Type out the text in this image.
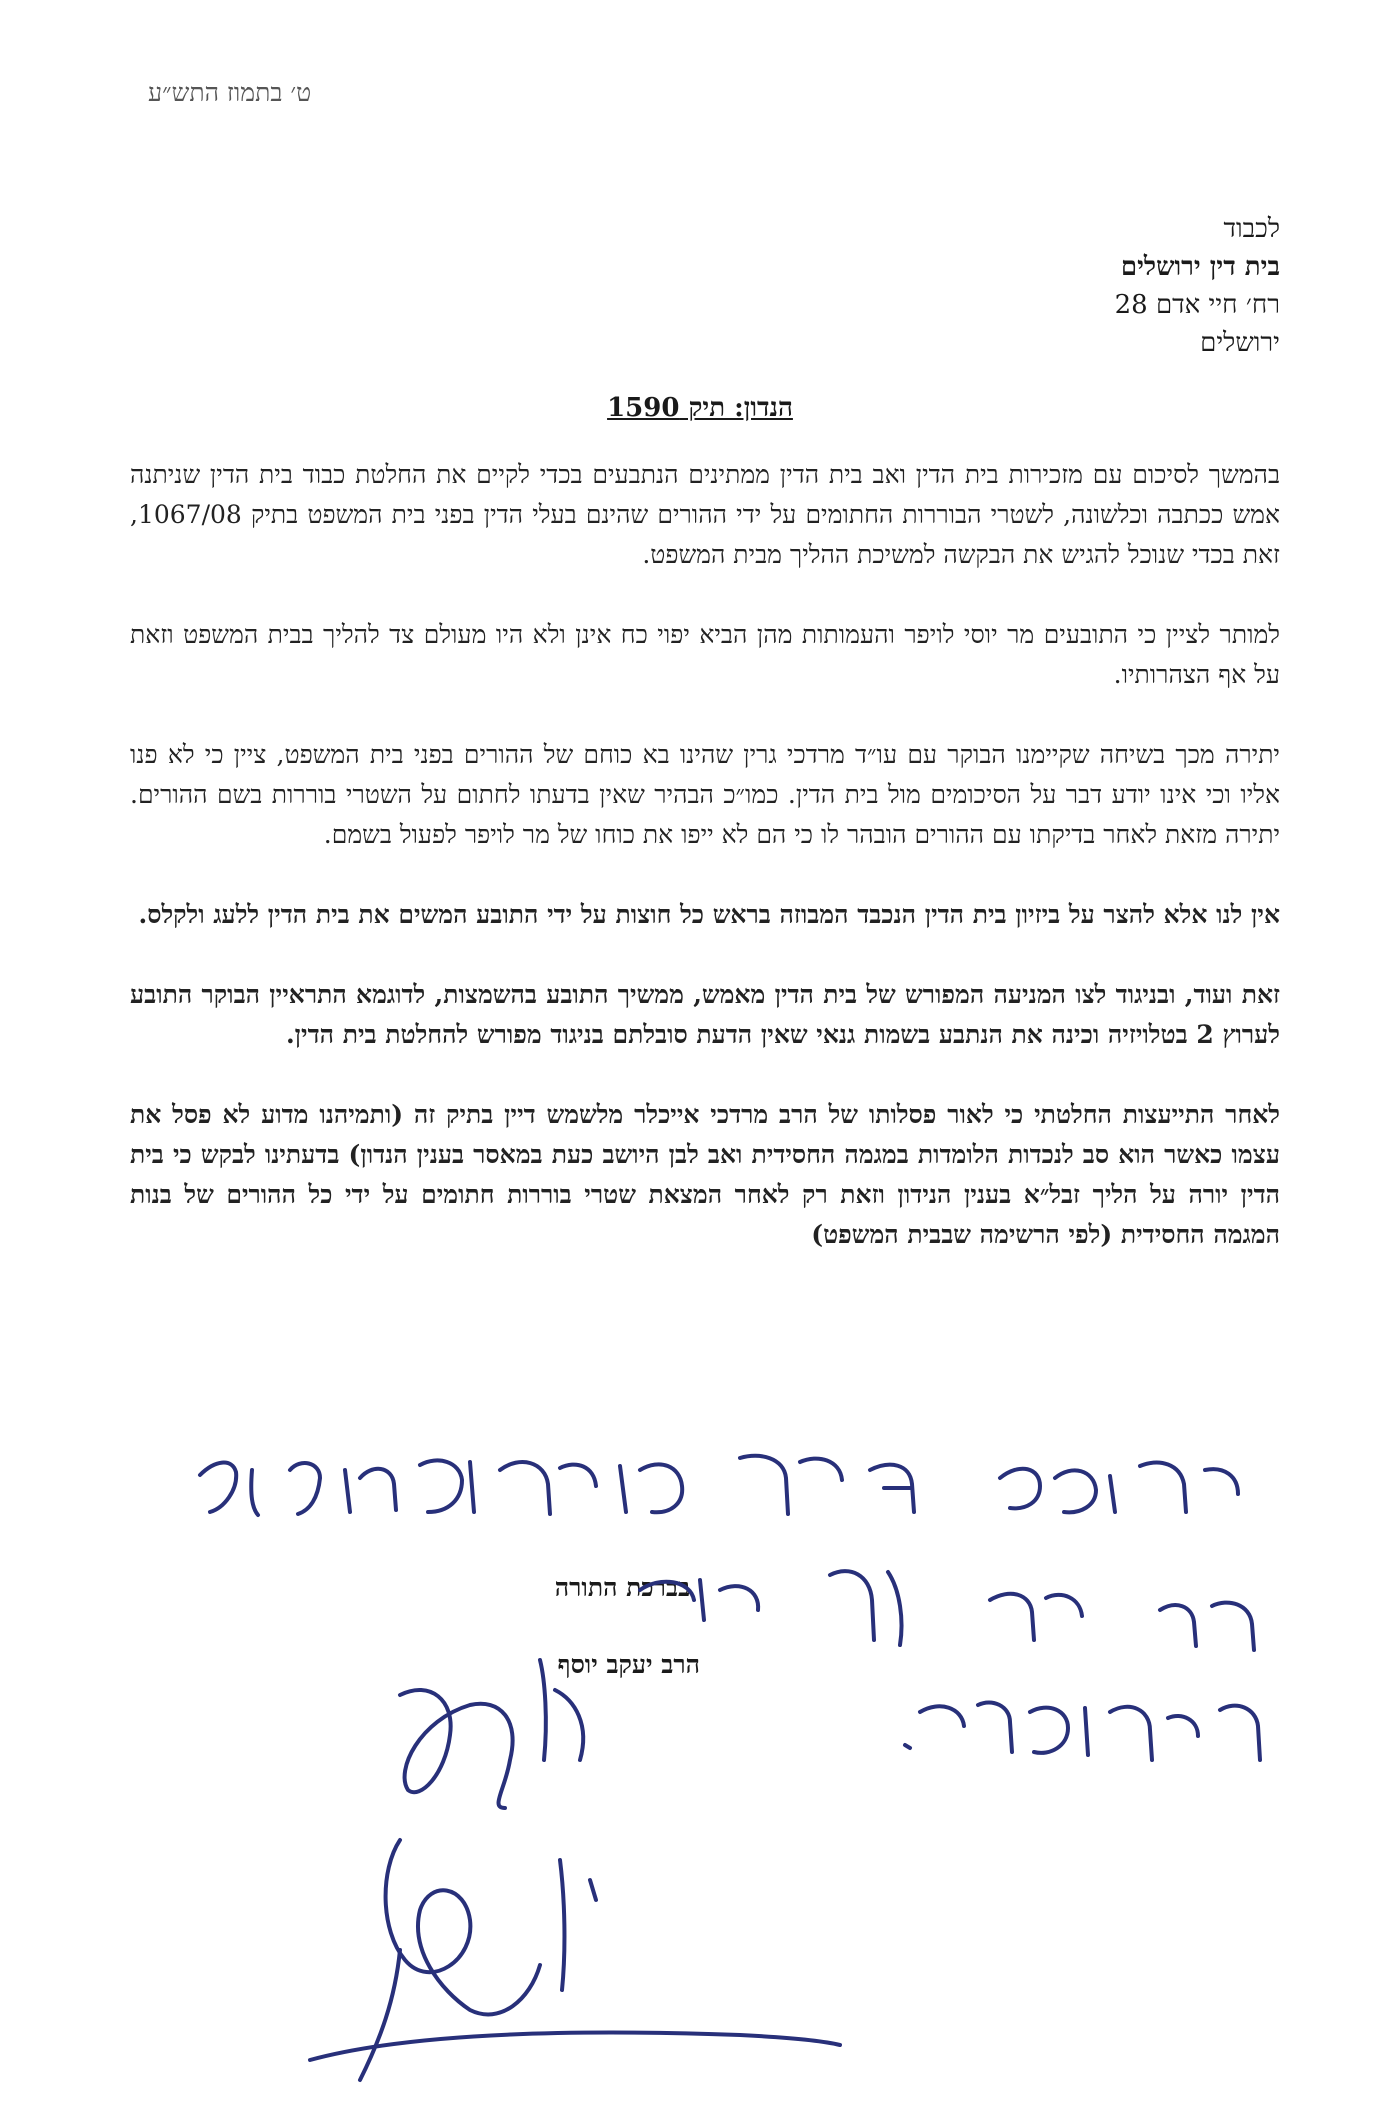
ט׳ בתמוז התש״ע
לכבוד
בית דין ירושלים
רח׳ חיי אדם 28
ירושלים
הנדון: תיק 1590

בהמשך לסיכום עם מזכירות בית הדין ואב בית הדין ממתינים הנתבעים בכדי לקיים את החלטת כבוד בית הדין שניתנה אמש ככתבה וכלשונה, לשטרי הבוררות החתומים על ידי ההורים שהינם בעלי הדין בפני בית המשפט בתיק 1067/08, זאת בכדי שנוכל להגיש את הבקשה למשיכת ההליך מבית המשפט.

למותר לציין כי התובעים מר יוסי לויפר והעמותות מהן הביא יפוי כח אינן ולא היו מעולם צד להליך בבית המשפט וזאת על אף הצהרותיו.

יתירה מכך בשיחה שקיימנו הבוקר עם עו״ד מרדכי גרין שהינו בא כוחם של ההורים בפני בית המשפט, ציין כי לא פנו אליו וכי אינו יודע דבר על הסיכומים מול בית הדין. כמו״כ הבהיר שאין בדעתו לחתום על השטרי בוררות בשם ההורים. יתירה מזאת לאחר בדיקתו עם ההורים הובהר לו כי הם לא ייפו את כוחו של מר לויפר לפעול בשמם.

אין לנו אלא להצר על ביזיון בית הדין הנכבד המבוזה בראש כל חוצות על ידי התובע המשים את בית הדין ללעג ולקלס.

זאת ועוד, ובניגוד לצו המניעה המפורש של בית הדין מאמש, ממשיך התובע בהשמצות, לדוגמא התראיין הבוקר התובע לערוץ 2 בטלויזיה וכינה את הנתבע בשמות גנאי שאין הדעת סובלתם בניגוד מפורש להחלטת בית הדין.

לאחר התייעצות החלטתי כי לאור פסלותו של הרב מרדכי אייכלר מלשמש דיין בתיק זה (ותמיהנו מדוע לא פסל את עצמו כאשר הוא סב לנכדות הלומדות במגמה החסידית ואב לבן היושב כעת במאסר בענין הנדון) בדעתינו לבקש כי בית הדין יורה על הליך זבל״א בענין הנידון וזאת רק לאחר המצאת שטרי בוררות חתומים על ידי כל ההורים של בנות המגמה החסידית (לפי הרשימה שבבית המשפט)

בברכת התורה
הרב יעקב יוסף
